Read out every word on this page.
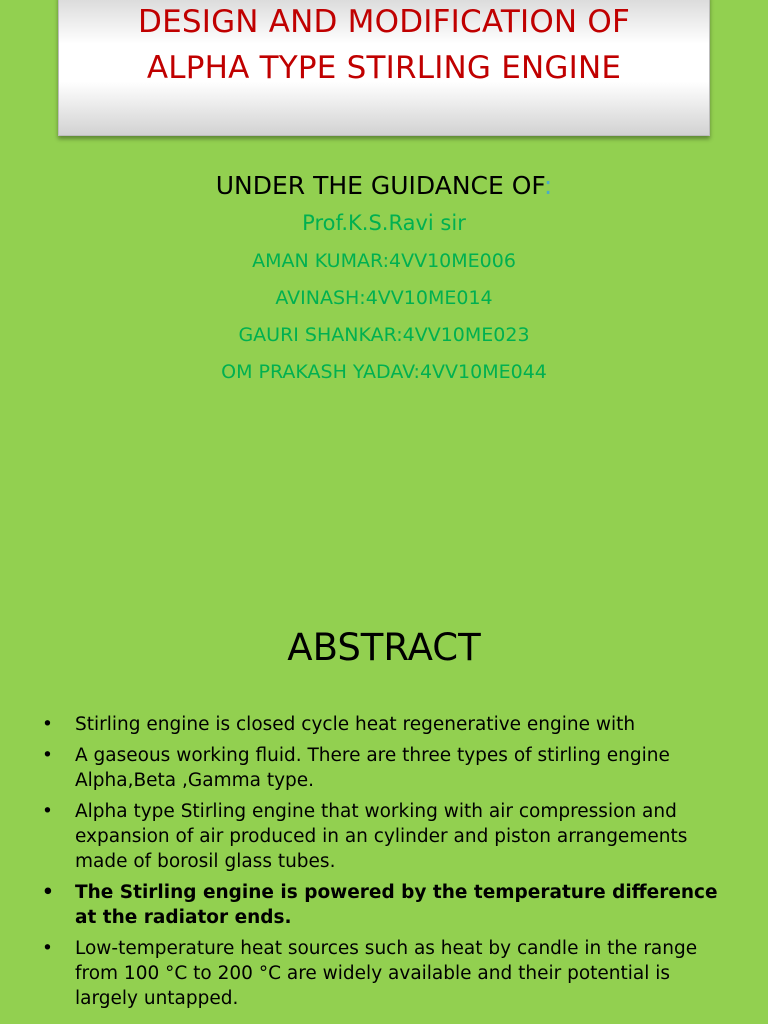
DESIGN AND MODIFICATION OF
ALPHA TYPE STIRLING ENGINE
UNDER THE GUIDANCE OF:
Prof.K.S.Ravi sir
AMAN KUMAR:4VV10ME006
AVINASH:4VV10ME014
GAURI SHANKAR:4VV10ME023
OM PRAKASH YADAV:4VV10ME044
ABSTRACT
•	Stirling engine is closed cycle heat regenerative engine with
•	A gaseous working fluid. There are three types of stirling engine Alpha,Beta ,Gamma type.
•	Alpha type Stirling engine that working with air compression and expansion of air produced in an cylinder and piston arrangements made of borosil glass tubes.
•	The Stirling engine is powered by the temperature difference at the radiator ends.
•	Low-temperature heat sources such as heat by candle in the range from 100 °C to 200 °C are widely available and their potential is largely untapped.
